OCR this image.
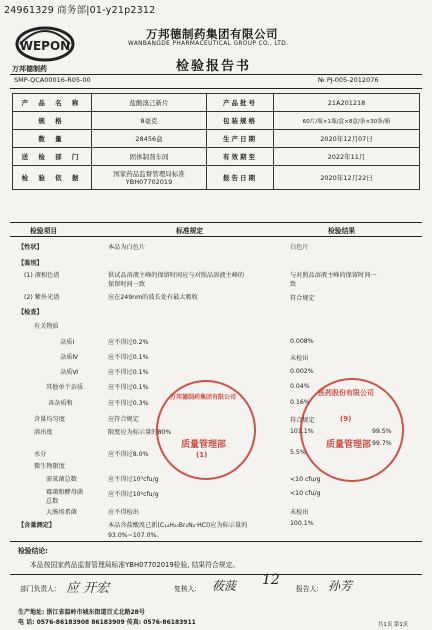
24961329 商务部|01-y21p2312
WEPON
万邦德制药
万邦德制药集团有限公司
WANBANGDE PHARMACEUTICAL GROUP CO., LTD.
检验报告书
SMP-QCA00016-R05-00	№ PJ-005-2012076
产 品 名 称	盐酸溴己新片	产品批号	21A201218
规 格	8毫克	包装规格	60片/瓶×1瓶/盒×8盒/条×30条/箱
数 量	28456盒	生产日期	2020年12月07日
送 检 部 门	固体制剂车间	有效期至	2022年11月
检 验 依 据	国家药品监督管理局标准
YBH07702019	报告日期	2020年12月22日
检验项目	标准规定	检验结果
【性状】	本品为白色片	白色片
【鉴别】
(1) 液相色谱	供试品溶液主峰的保留时间应与对照品溶液主峰的
保留时间一致
与对照品溶液主峰的保留时间一
致
(2) 紫外光谱	应在249nm的波长处有最大吸收	符合规定
【检查】
有关物质
杂质Ⅰ	应不得过0.2%	0.008%
杂质Ⅳ	应不得过0.1%	未检出
杂质Ⅵ	应不得过0.1%	0.002%
其他单个杂质	应不得过0.1%	0.04%
各杂质和	应不得过0.3%	0.16%
含量均匀度	应符合规定	符合规定
溶出度	限度应为标示量的80%	101.1%	99.5%
99.7%
水分	应不得过8.0%	5.5%
微生物限度
需氧菌总数	应不得过10³cfu/g	<10 cfu/g
霉菌和酵母菌
总数
应不得过10²cfu/g	<10 cfu/g
大肠埃希菌	应不得检出	未检出
【含量测定】	本品含盐酸溴己新(C₁₄H₂₀Br₂N₂·HCl)应为标示量的
93.0%~107.0%。
100.1%
检验结论:
本品按国家药品监督管理局标准YBH07702019检验, 结果符合规定。
部门负责人: 应 开宏	复核人: 莜菠 12
报告人: 孙芳
生产地址: 浙江省温岭市城东街道百丈北路28号
电 话: 0576-86183908 86183909 传真: 0576-86183911	共1页 第1页
万邦德制药集团有限公司
质量管理部
(1)
医药股份有限公司
(9)
质量管理部
